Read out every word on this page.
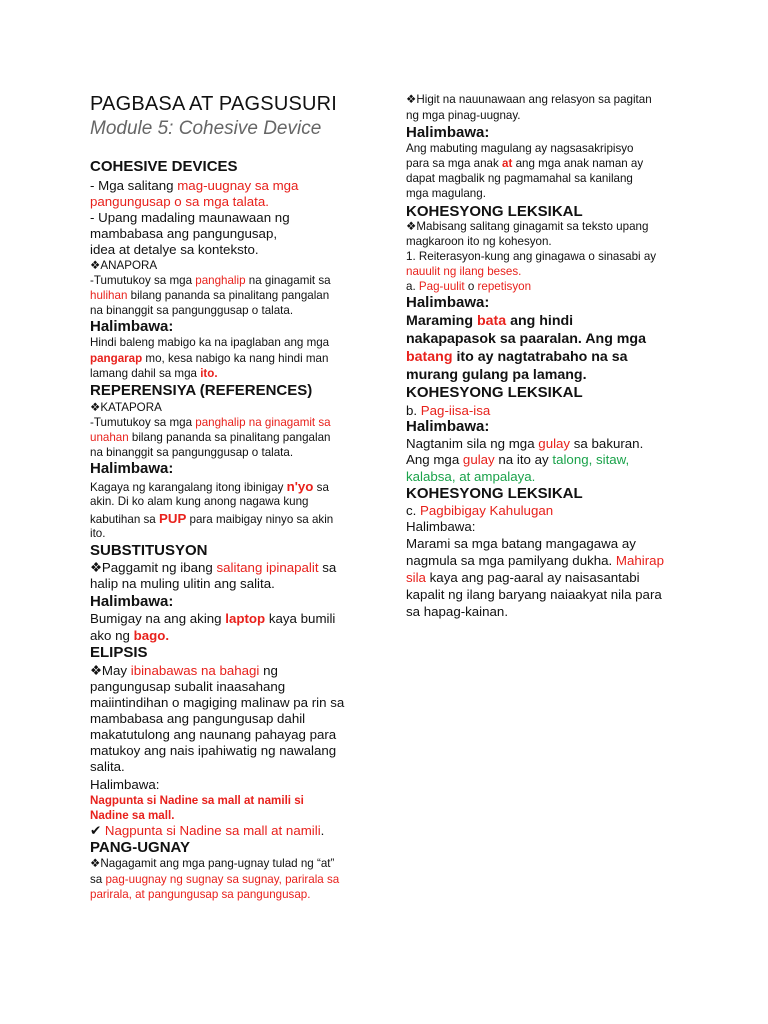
PAGBASA AT PAGSUSURI
Module 5: Cohesive Device
COHESIVE DEVICES
- Mga salitang mag-uugnay sa mga
pangungusap o sa mga talata.
- Upang madaling maunawaan ng
mambabasa ang pangungusap,
idea at detalye sa konteksto.
❖ANAPORA
-Tumutukoy sa mga panghalip na ginagamit sa
hulihan bilang pananda sa pinalitang pangalan
na binanggit sa pangunggusap o talata.
Halimbawa:
Hindi baleng mabigo ka na ipaglaban ang mga
pangarap mo, kesa nabigo ka nang hindi man
lamang dahil sa mga ito.
REPERENSIYA (REFERENCES)
❖KATAPORA
-Tumutukoy sa mga panghalip na ginagamit sa
unahan bilang pananda sa pinalitang pangalan
na binanggit sa pangunggusap o talata.
Halimbawa:
Kagaya ng karangalang itong ibinigay n'yo sa
akin. Di ko alam kung anong nagawa kung
kabutihan sa PUP para maibigay ninyo sa akin
ito.
SUBSTITUSYON
❖Paggamit ng ibang salitang ipinapalit sa
halip na muling ulitin ang salita.
Halimbawa:
Bumigay na ang aking laptop kaya bumili
ako ng bago.
ELIPSIS
❖May ibinabawas na bahagi ng
pangungusap subalit inaasahang
maiintindihan o magiging malinaw pa rin sa
mambabasa ang pangungusap dahil
makatutulong ang naunang pahayag para
matukoy ang nais ipahiwatig ng nawalang
salita.
Halimbawa:
Nagpunta si Nadine sa mall at namili si
Nadine sa mall.
✔ Nagpunta si Nadine sa mall at namili.
PANG-UGNAY
❖Nagagamit ang mga pang-ugnay tulad ng “at”
sa pag-uugnay ng sugnay sa sugnay, parirala sa
parirala, at pangungusap sa pangungusap.
❖Higit na nauunawaan ang relasyon sa pagitan
ng mga pinag-uugnay.
Halimbawa:
Ang mabuting magulang ay nagsasakripisyo
para sa mga anak at ang mga anak naman ay
dapat magbalik ng pagmamahal sa kanilang
mga magulang.
KOHESYONG LEKSIKAL
❖Mabisang salitang ginagamit sa teksto upang
magkaroon ito ng kohesyon.
1. Reiterasyon-kung ang ginagawa o sinasabi ay
nauulit ng ilang beses.
a. Pag-uulit o repetisyon
Halimbawa:
Maraming bata ang hindi
nakapapasok sa paaralan. Ang mga
batang ito ay nagtatrabaho na sa
murang gulang pa lamang.
KOHESYONG LEKSIKAL
b. Pag-iisa-isa
Halimbawa:
Nagtanim sila ng mga gulay sa bakuran.
Ang mga gulay na ito ay talong, sitaw,
kalabsa, at ampalaya.
KOHESYONG LEKSIKAL
c. Pagbibigay Kahulugan
Halimbawa:
Marami sa mga batang mangagawa ay
nagmula sa mga pamilyang dukha. Mahirap
sila kaya ang pag-aaral ay naisasantabi
kapalit ng ilang baryang naiaakyat nila para
sa hapag-kainan.
